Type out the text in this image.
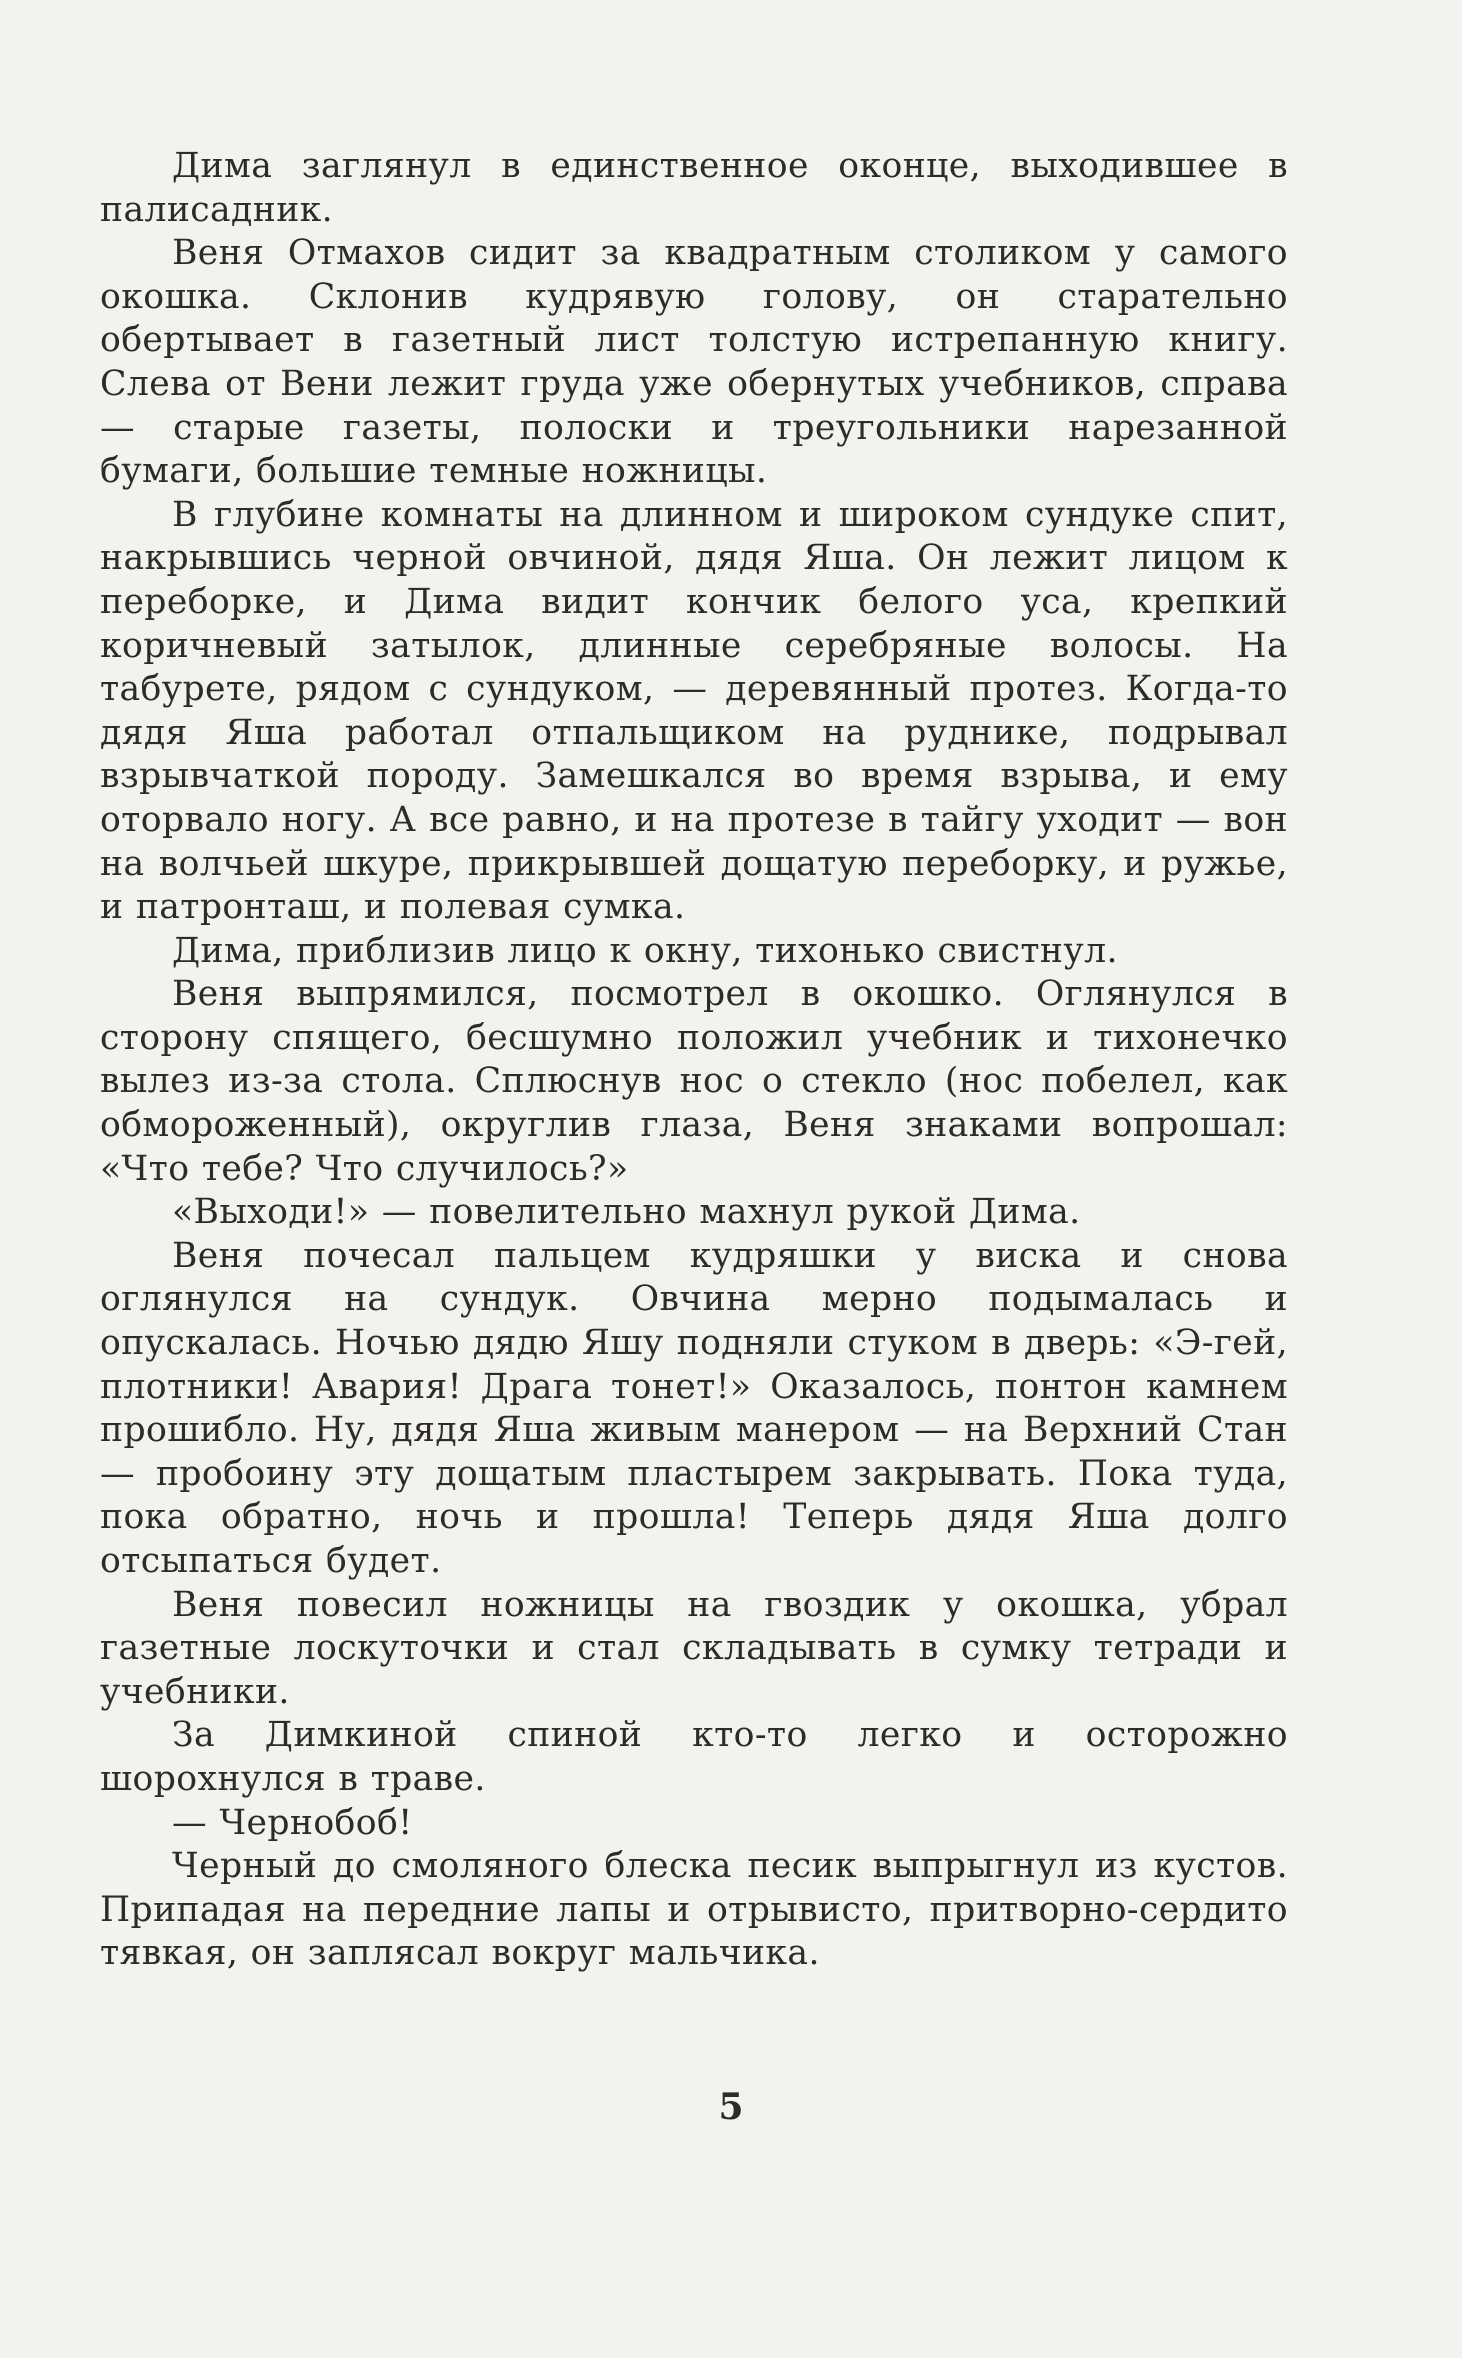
Дима заглянул в единственное оконце, выходившее в палисадник.

Веня Отмахов сидит за квадратным столиком у самого окошка. Склонив кудрявую голову, он старательно обертывает в газетный лист толстую истрепанную книгу. Слева от Вени лежит груда уже обернутых учебников, справа — старые газеты, полоски и треугольники нарезанной бумаги, большие темные ножницы.

В глубине комнаты на длинном и широком сундуке спит, накрывшись черной овчиной, дядя Яша. Он лежит лицом к переборке, и Дима видит кончик белого уса, крепкий коричневый затылок, длинные серебряные волосы. На табурете, рядом с сундуком, — деревянный протез. Когда-то дядя Яша работал отпальщиком на руднике, подрывал взрывчаткой породу. Замешкался во время взрыва, и ему оторвало ногу. А все равно, и на протезе в тайгу уходит — вон на волчьей шкуре, прикрывшей дощатую переборку, и ружье, и патронташ, и полевая сумка.

Дима, приблизив лицо к окну, тихонько свистнул.

Веня выпрямился, посмотрел в окошко. Оглянулся в сторону спящего, бесшумно положил учебник и тихонечко вылез из-за стола. Сплюснув нос о стекло (нос побелел, как обмороженный), округлив глаза, Веня знаками вопрошал: «Что тебе? Что случилось?»

«Выходи!» — повелительно махнул рукой Дима.

Веня почесал пальцем кудряшки у виска и снова оглянулся на сундук. Овчина мерно подымалась и опускалась. Ночью дядю Яшу подняли стуком в дверь: «Э-гей, плотники! Авария! Драга тонет!» Оказалось, понтон камнем прошибло. Ну, дядя Яша живым манером — на Верхний Стан — пробоину эту дощатым пластырем закрывать. Пока туда, пока обратно, ночь и прошла! Теперь дядя Яша долго отсыпаться будет.

Веня повесил ножницы на гвоздик у окошка, убрал газетные лоскуточки и стал складывать в сумку тетради и учебники.

За Димкиной спиной кто-то легко и осторожно шорохнулся в траве.

— Чернобоб!

Черный до смоляного блеска песик выпрыгнул из кустов. Припадая на передние лапы и отрывисто, притворно-сердито тявкая, он заплясал вокруг мальчика.

5
